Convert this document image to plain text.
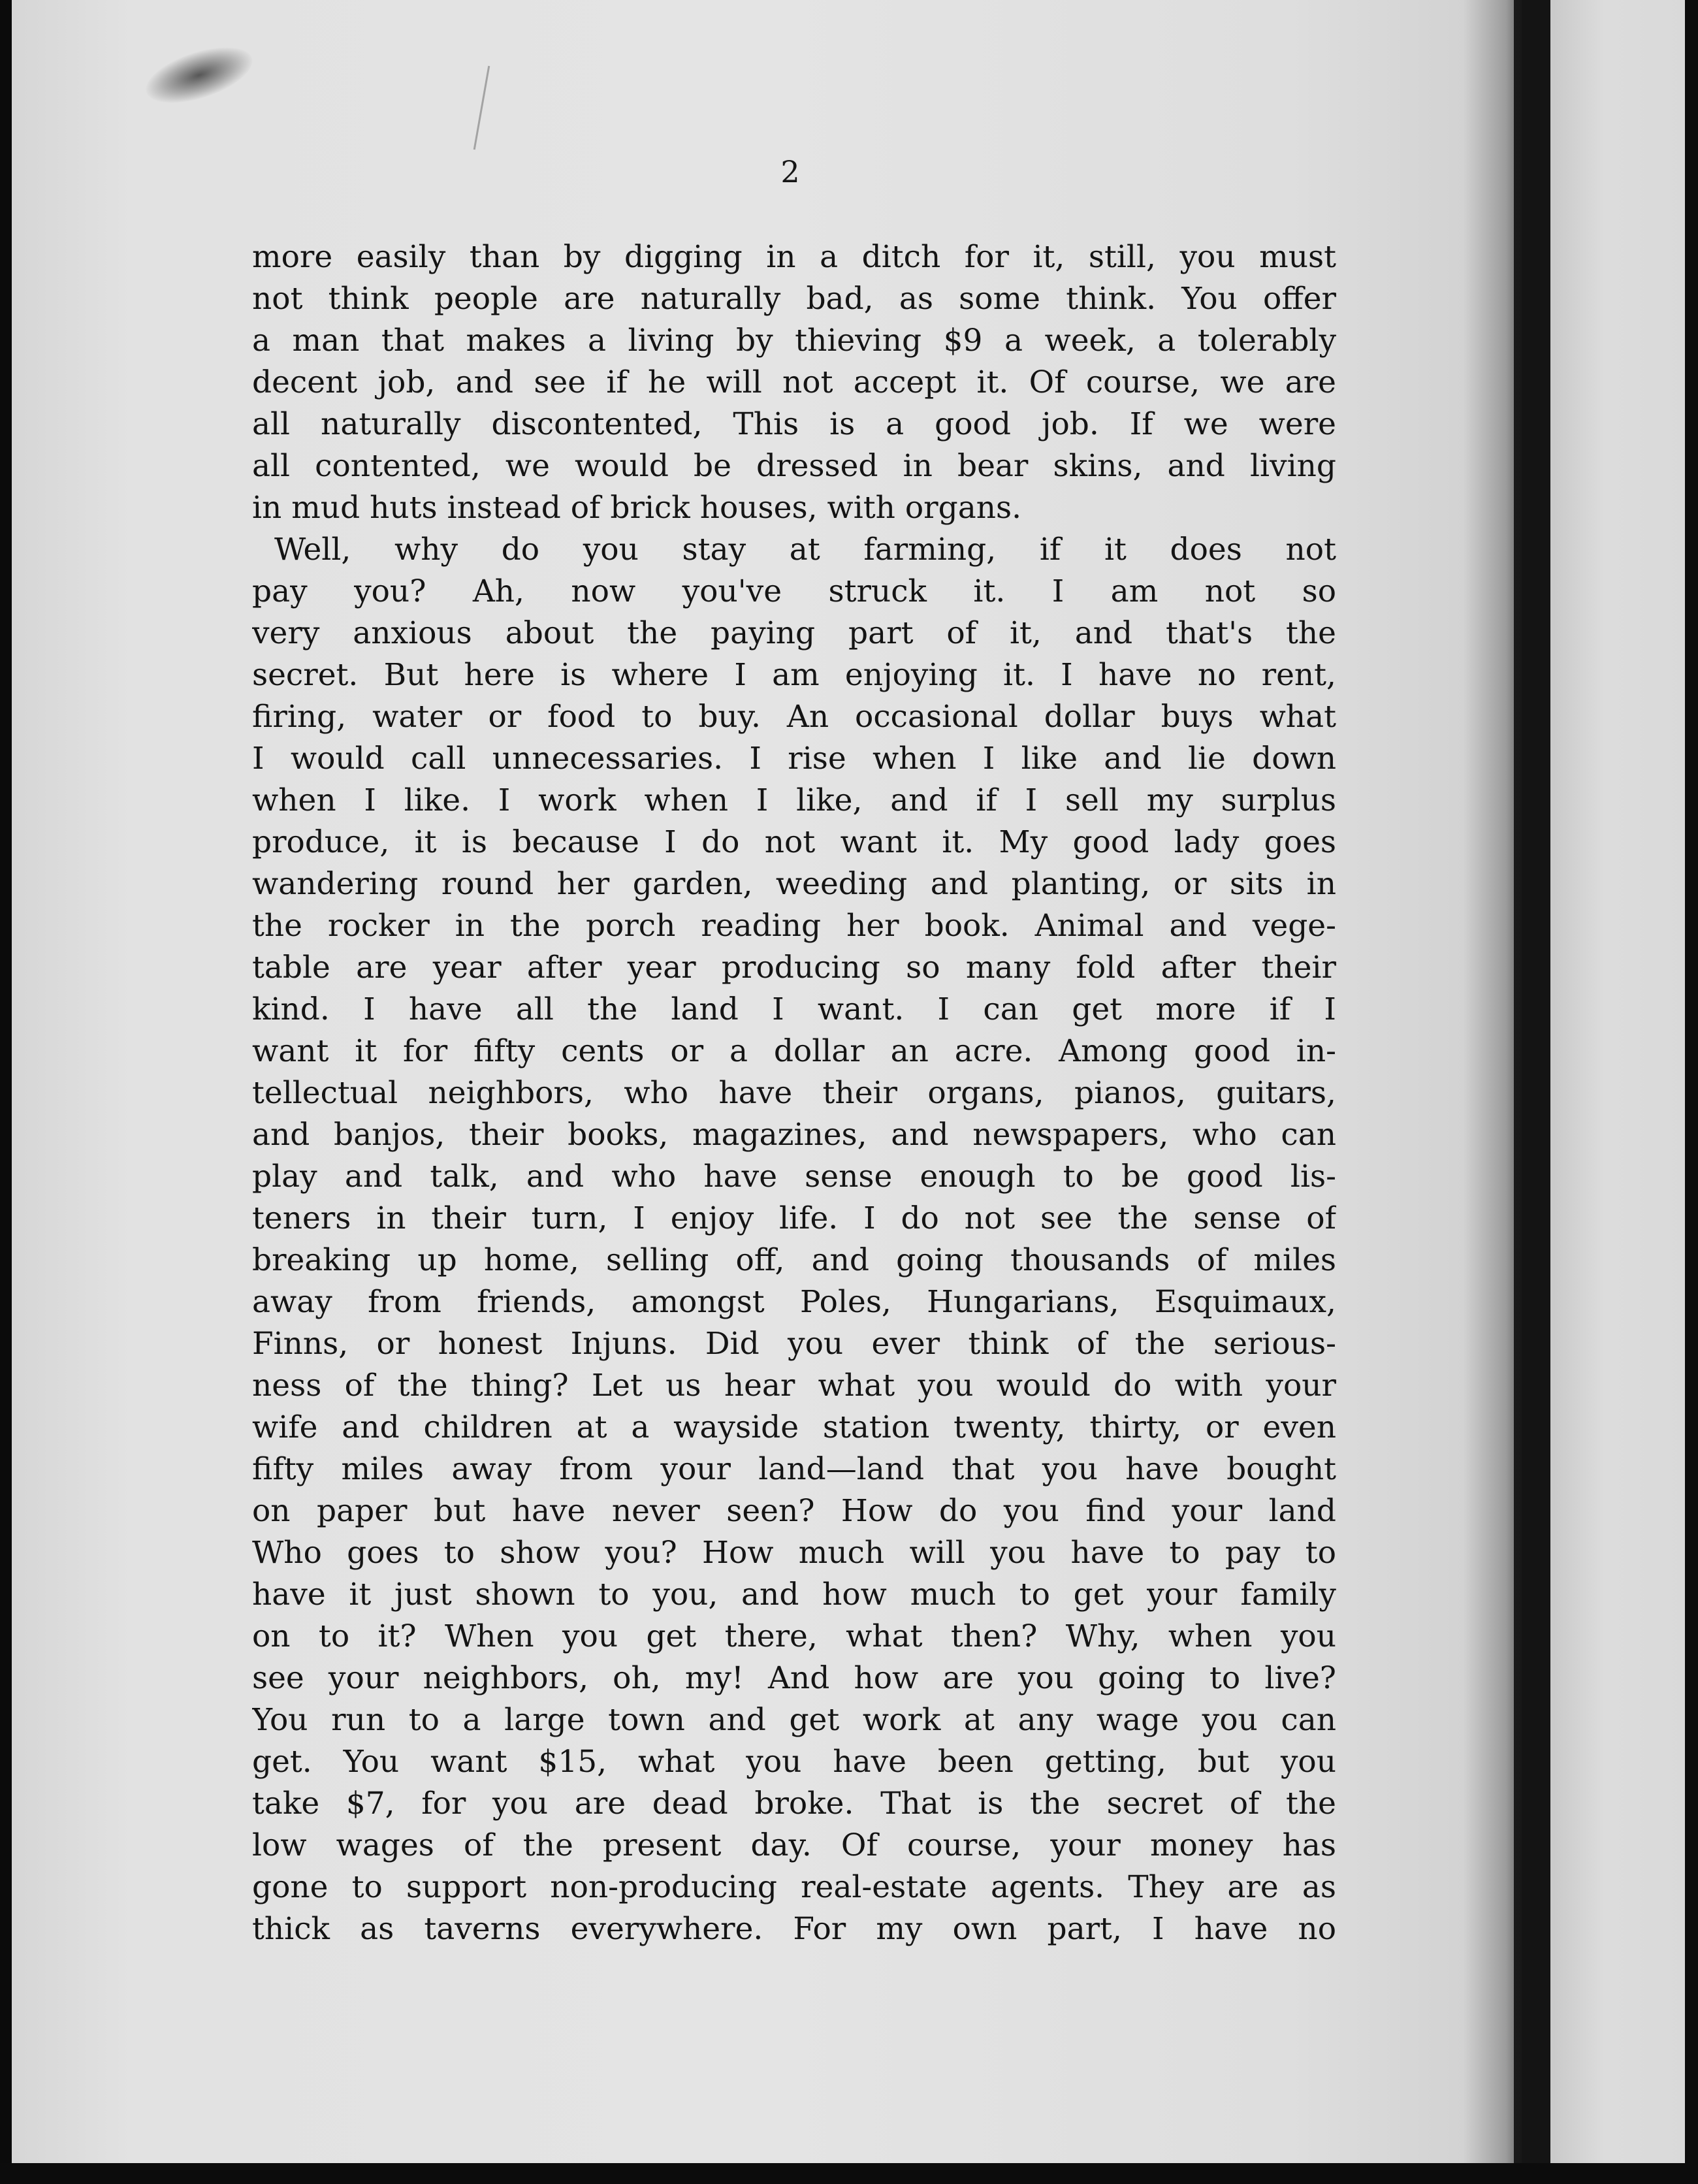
2
more easily than by digging in a ditch for it, still, you must
not think people are naturally bad, as some think. You offer
a man that makes a living by thieving $9 a week, a tolerably
decent job, and see if he will not accept it. Of course, we are
all naturally discontented, This is a good job. If we were
all contented, we would be dressed in bear skins, and living
in mud huts instead of brick houses, with organs.
Well, why do you stay at farming, if it does not
pay you? Ah, now you've struck it. I am not so
very anxious about the paying part of it, and that's the
secret. But here is where I am enjoying it. I have no rent,
firing, water or food to buy. An occasional dollar buys what
I would call unnecessaries. I rise when I like and lie down
when I like. I work when I like, and if I sell my surplus
produce, it is because I do not want it. My good lady goes
wandering round her garden, weeding and planting, or sits in
the rocker in the porch reading her book. Animal and vege-
table are year after year producing so many fold after their
kind. I have all the land I want. I can get more if I
want it for fifty cents or a dollar an acre. Among good in-
tellectual neighbors, who have their organs, pianos, guitars,
and banjos, their books, magazines, and newspapers, who can
play and talk, and who have sense enough to be good lis-
teners in their turn, I enjoy life. I do not see the sense of
breaking up home, selling off, and going thousands of miles
away from friends, amongst Poles, Hungarians, Esquimaux,
Finns, or honest Injuns. Did you ever think of the serious-
ness of the thing? Let us hear what you would do with your
wife and children at a wayside station twenty, thirty, or even
fifty miles away from your land—land that you have bought
on paper but have never seen? How do you find your land
Who goes to show you? How much will you have to pay to
have it just shown to you, and how much to get your family
on to it? When you get there, what then? Why, when you
see your neighbors, oh, my! And how are you going to live?
You run to a large town and get work at any wage you can
get. You want $15, what you have been getting, but you
take $7, for you are dead broke. That is the secret of the
low wages of the present day. Of course, your money has
gone to support non-producing real-estate agents. They are as
thick as taverns everywhere. For my own part, I have no
